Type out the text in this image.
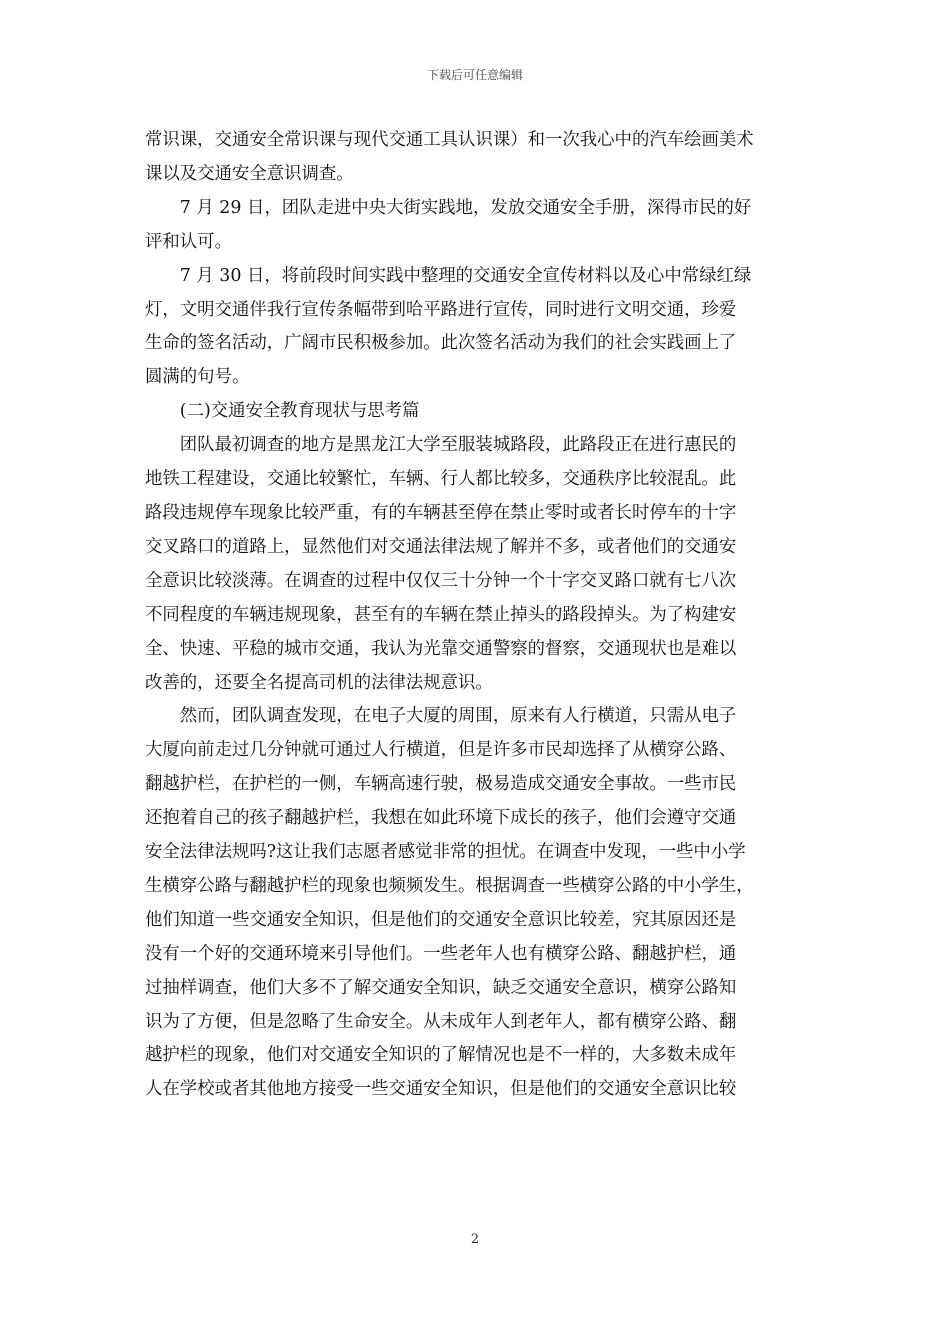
下载后可任意编辑
常识课，交通安全常识课与现代交通工具认识课）和一次我心中的汽车绘画美术
课以及交通安全意识调查。
　　7 月 29 日，团队走进中央大街实践地，发放交通安全手册，深得市民的好
评和认可。
　　7 月 30 日，将前段时间实践中整理的交通安全宣传材料以及心中常绿红绿
灯，文明交通伴我行宣传条幅带到哈平路进行宣传，同时进行文明交通，珍爱
生命的签名活动，广阔市民积极参加。此次签名活动为我们的社会实践画上了
圆满的句号。
　　(二)交通安全教育现状与思考篇
　　团队最初调查的地方是黑龙江大学至服装城路段，此路段正在进行惠民的
地铁工程建设，交通比较繁忙，车辆、行人都比较多，交通秩序比较混乱。此
路段违规停车现象比较严重，有的车辆甚至停在禁止零时或者长时停车的十字
交叉路口的道路上，显然他们对交通法律法规了解并不多，或者他们的交通安
全意识比较淡薄。在调查的过程中仅仅三十分钟一个十字交叉路口就有七八次
不同程度的车辆违规现象，甚至有的车辆在禁止掉头的路段掉头。为了构建安
全、快速、平稳的城市交通，我认为光靠交通警察的督察，交通现状也是难以
改善的，还要全名提高司机的法律法规意识。
　　然而，团队调查发现，在电子大厦的周围，原来有人行横道，只需从电子
大厦向前走过几分钟就可通过人行横道，但是许多市民却选择了从横穿公路、
翻越护栏，在护栏的一侧，车辆高速行驶，极易造成交通安全事故。一些市民
还抱着自己的孩子翻越护栏，我想在如此环境下成长的孩子，他们会遵守交通
安全法律法规吗?这让我们志愿者感觉非常的担忧。在调查中发现，一些中小学
生横穿公路与翻越护栏的现象也频频发生。根据调查一些横穿公路的中小学生，
他们知道一些交通安全知识，但是他们的交通安全意识比较差，究其原因还是
没有一个好的交通环境来引导他们。一些老年人也有横穿公路、翻越护栏，通
过抽样调查，他们大多不了解交通安全知识，缺乏交通安全意识，横穿公路知
识为了方便，但是忽略了生命安全。从未成年人到老年人，都有横穿公路、翻
越护栏的现象，他们对交通安全知识的了解情况也是不一样的，大多数未成年
人在学校或者其他地方接受一些交通安全知识，但是他们的交通安全意识比较
2
